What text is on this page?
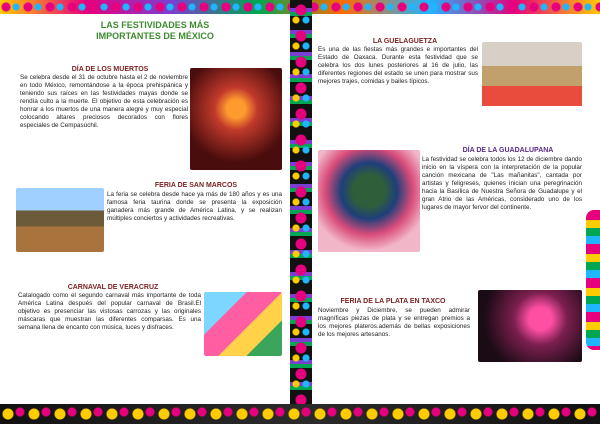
LAS FESTIVIDADES MÁS IMPORTANTES DE MÉXICO
DÍA DE LOS MUERTOS
Se celebra desde el 31 de octubre hasta el 2 de noviembre en todo México, remontándose a la época prehispánica y teniendo sus raíces en las festividades mayas donde se rendía culto a la muerte. El objetivo de esta celebración es honrar a los muertos de una manera alegre y muy especial colocando altares preciosos decorados con flores especiales de Cempasúchil.
FERIA DE SAN MARCOS
La feria se celebra desde hace ya más de 180 años y es una famosa feria taurina donde se presenta la exposición ganadera más grande de América Latina, y se realizan múltiples conciertos y actividades recreativas.
CARNAVAL DE VERACRUZ
Catalogado como el segundo carnaval más importante de toda América Latina después del popular carnaval de Brasil.El objetivo es presenciar las vistosas carrozas y las originales máscaras que muestran las diferentes comparsas. Es una semana llena de encanto con música, luces y disfraces.
LA GUELAGUETZA
Es una de las fiestas más grandes e importantes del Estado de Oaxaca. Durante esta festividad que se celebra los dos lunes posteriores al 16 de julio, las diferentes regiones del estado se unen para mostrar sus mejores trajes, comidas y bailes típicos.
DÍA DE LA GUADALUPANA
La festividad se celebra todos los 12 de diciembre dando inicio en la víspera con la interpretación de la popular canción mexicana de "Las mañanitas", cantada por artistas y feligreses, quienes inician una peregrinación hacia la Basílica de Nuestra Señora de Guadalupe y el gran Atrio de las Américas, considerado uno de los lugares de mayor fervor del continente.
FERIA DE LA PLATA EN TAXCO
Noviembre y Diciembre, se pueden admirar magníficas piezas de plata y se entregan premios a los mejores plateros.además de bellas exposiciones de los mejores artesanos.
